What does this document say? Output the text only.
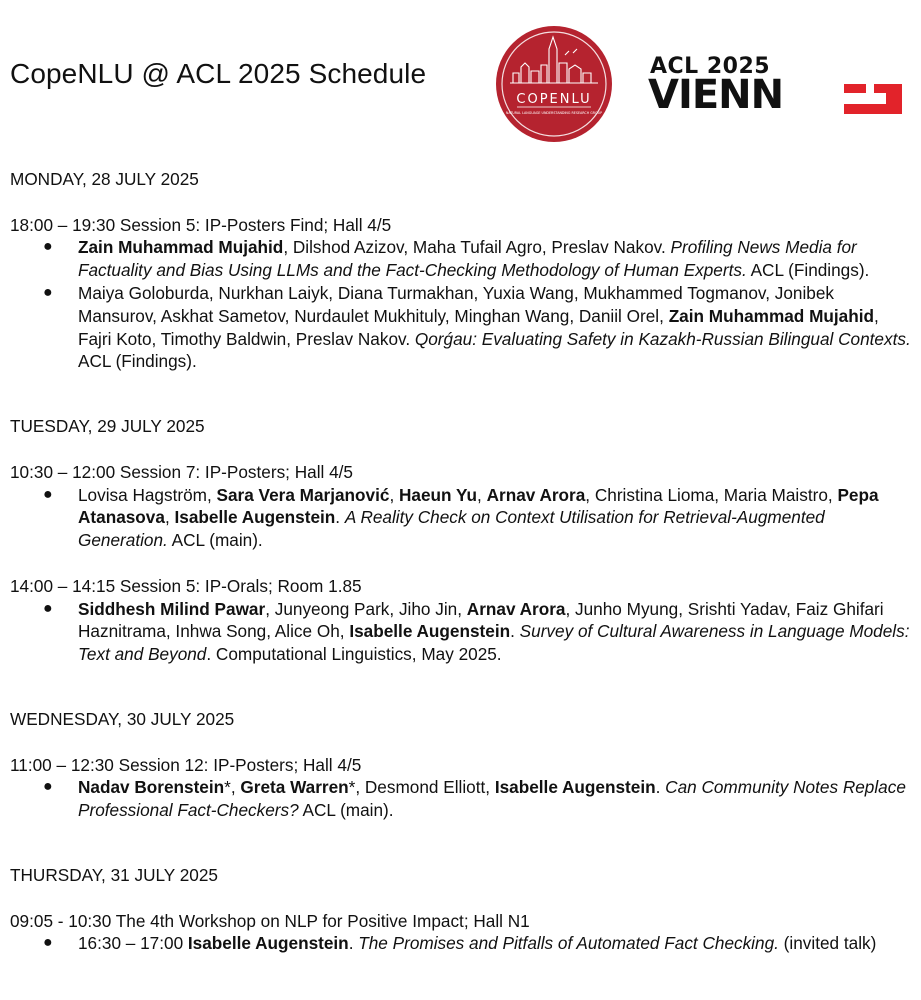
CopeNLU @ ACL 2025 Schedule
COPENLU
NATURAL LANGUAGE UNDERSTANDING RESEARCH GROUP
ACL 2025
VIENN

MONDAY, 28 JULY 2025

18:00 – 19:30 Session 5: IP-Posters Find; Hall 4/5

● Zain Muhammad Mujahid, Dilshod Azizov, Maha Tufail Agro, Preslav Nakov. Profiling News Media for Factuality and Bias Using LLMs and the Fact-Checking Methodology of Human Experts. ACL (Findings).
● Maiya Goloburda, Nurkhan Laiyk, Diana Turmakhan, Yuxia Wang, Mukhammed Togmanov, Jonibek Mansurov, Askhat Sametov, Nurdaulet Mukhituly, Minghan Wang, Daniil Orel, Zain Muhammad Mujahid, Fajri Koto, Timothy Baldwin, Preslav Nakov. Qorǵau: Evaluating Safety in Kazakh-Russian Bilingual Contexts. ACL (Findings).

TUESDAY, 29 JULY 2025

10:30 – 12:00 Session 7: IP-Posters; Hall 4/5

● Lovisa Hagström, Sara Vera Marjanović, Haeun Yu, Arnav Arora, Christina Lioma, Maria Maistro, Pepa Atanasova, Isabelle Augenstein. A Reality Check on Context Utilisation for Retrieval-Augmented Generation. ACL (main).

14:00 – 14:15 Session 5: IP-Orals; Room 1.85

● Siddhesh Milind Pawar, Junyeong Park, Jiho Jin, Arnav Arora, Junho Myung, Srishti Yadav, Faiz Ghifari Haznitrama, Inhwa Song, Alice Oh, Isabelle Augenstein. Survey of Cultural Awareness in Language Models: Text and Beyond. Computational Linguistics, May 2025.

WEDNESDAY, 30 JULY 2025

11:00 – 12:30 Session 12: IP-Posters; Hall 4/5

● Nadav Borenstein*, Greta Warren*, Desmond Elliott, Isabelle Augenstein. Can Community Notes Replace Professional Fact-Checkers? ACL (main).

THURSDAY, 31 JULY 2025

09:05 - 10:30 The 4th Workshop on NLP for Positive Impact; Hall N1

● 16:30 – 17:00 Isabelle Augenstein. The Promises and Pitfalls of Automated Fact Checking. (invited talk)
